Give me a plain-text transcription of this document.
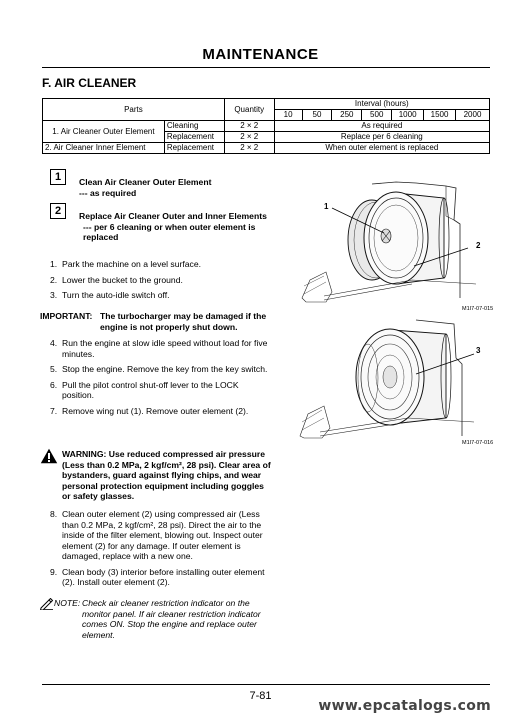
MAINTENANCE
F. AIR CLEANER
Parts		Quantity	Interval (hours)						
			10	50	250	500	1000	1500	2000
1. Air Cleaner Outer Element	Cleaning	2 × 2	As required						
	Replacement	2 × 2	Replace per 6 cleaning						
2. Air Cleaner Inner Element	Replacement	2 × 2	When outer element is replaced						
1	Clean Air Cleaner Outer Element
--- as required
2	Replace Air Cleaner Outer and Inner Elements
--- per 6 cleaning or when outer element is replaced
1. Park the machine on a level surface.
2. Lower the bucket to the ground.
3. Turn the auto-idle switch off.
IMPORTANT: The turbocharger may be damaged if the engine is not properly shut down.
4. Run the engine at slow idle speed without load for five minutes.
5. Stop the engine. Remove the key from the key switch.
6. Pull the pilot control shut-off lever to the LOCK position.
7. Remove wing nut (1). Remove outer element (2).
WARNING: Use reduced compressed air pressure (Less than 0.2 MPa, 2 kgf/cm², 28 psi). Clear area of bystanders, guard against flying chips, and wear personal protection equipment including goggles or safety glasses.
8. Clean outer element (2) using compressed air (Less than 0.2 MPa, 2 kgf/cm², 28 psi). Direct the air to the inside of the filter element, blowing out. Inspect outer element (2) for any damage. If outer element is damaged, replace with a new one.
9. Clean body (3) interior before installing outer element (2). Install outer element (2).
NOTE: Check air cleaner restriction indicator on the monitor panel. If air cleaner restriction indicator comes ON. Stop the engine and replace outer element.
1
2
M1I7-07-015
3
M1I7-07-016
7-81
www.epcatalogs.com
